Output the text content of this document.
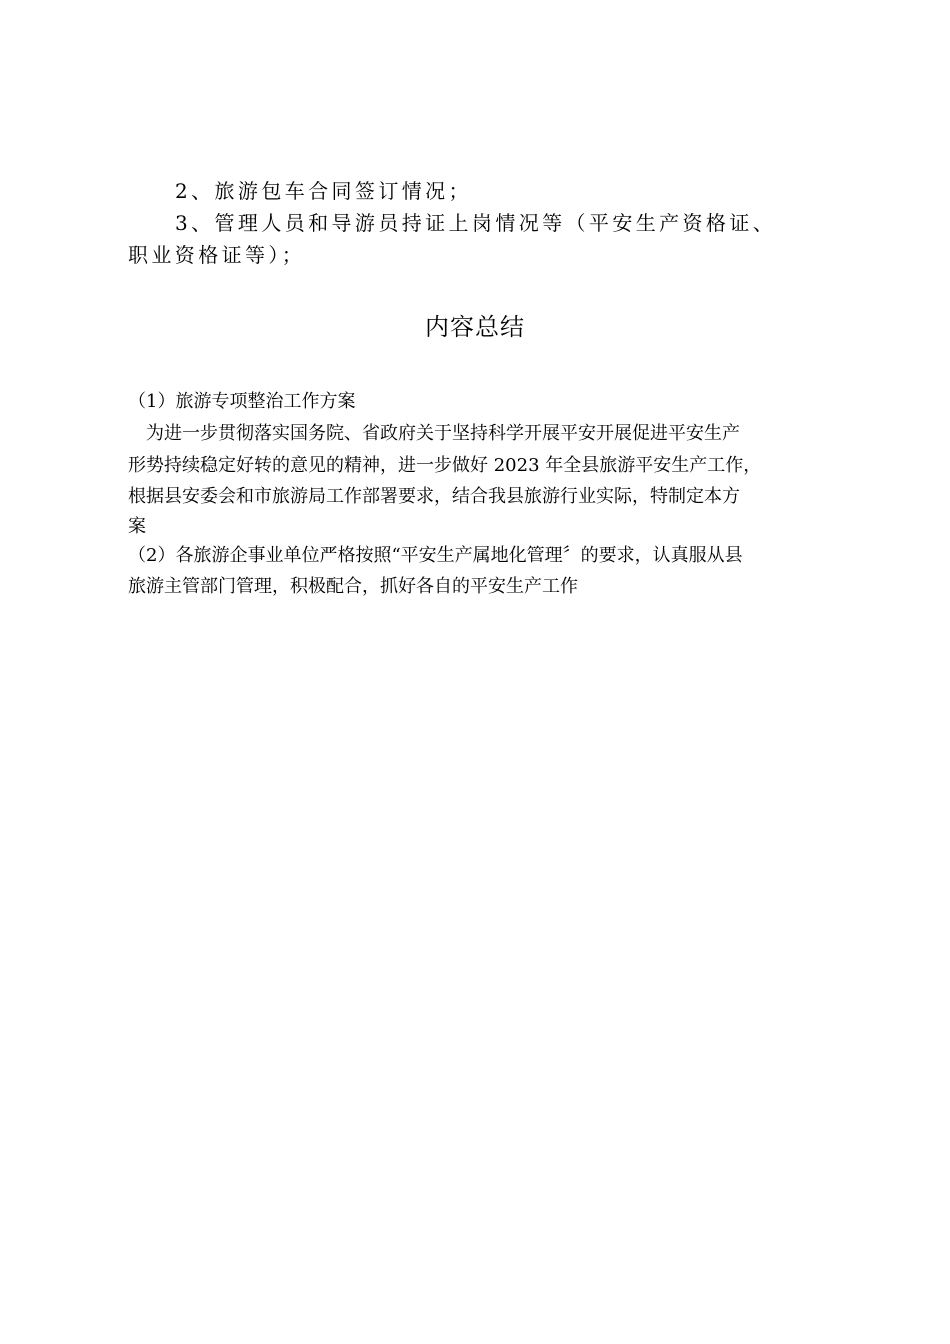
2、旅游包车合同签订情况；
3、管理人员和导游员持证上岗情况等（平安生产资格证、
职业资格证等）；
内容总结
（1）旅游专项整治工作方案
为进一步贯彻落实国务院、省政府关于坚持科学开展平安开展促进平安生产
形势持续稳定好转的意见的精神，进一步做好 2023 年全县旅游平安生产工作，
根据县安委会和市旅游局工作部署要求，结合我县旅游行业实际，特制定本方
案
（2）各旅游企事业单位严格按照“平安生产属地化管理〞的要求，认真服从县
旅游主管部门管理，积极配合，抓好各自的平安生产工作
